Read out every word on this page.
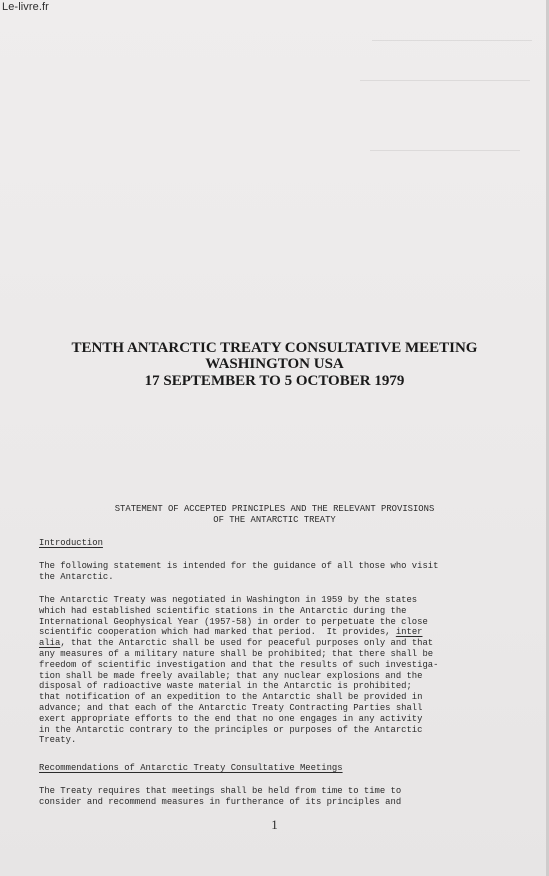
Le-livre.fr
TENTH ANTARCTIC TREATY CONSULTATIVE MEETING
WASHINGTON USA
17 SEPTEMBER TO 5 OCTOBER 1979
STATEMENT OF ACCEPTED PRINCIPLES AND THE RELEVANT PROVISIONS
OF THE ANTARCTIC TREATY
Introduction
The following statement is intended for the guidance of all those who visit
the Antarctic.
The Antarctic Treaty was negotiated in Washington in 1959 by the states
which had established scientific stations in the Antarctic during the
International Geophysical Year (1957-58) in order to perpetuate the close
scientific cooperation which had marked that period.  It provides, inter
alia, that the Antarctic shall be used for peaceful purposes only and that
any measures of a military nature shall be prohibited; that there shall be
freedom of scientific investigation and that the results of such investiga-
tion shall be made freely available; that any nuclear explosions and the
disposal of radioactive waste material in the Antarctic is prohibited;
that notification of an expedition to the Antarctic shall be provided in
advance; and that each of the Antarctic Treaty Contracting Parties shall
exert appropriate efforts to the end that no one engages in any activity
in the Antarctic contrary to the principles or purposes of the Antarctic
Treaty.
Recommendations of Antarctic Treaty Consultative Meetings
The Treaty requires that meetings shall be held from time to time to
consider and recommend measures in furtherance of its principles and
1
